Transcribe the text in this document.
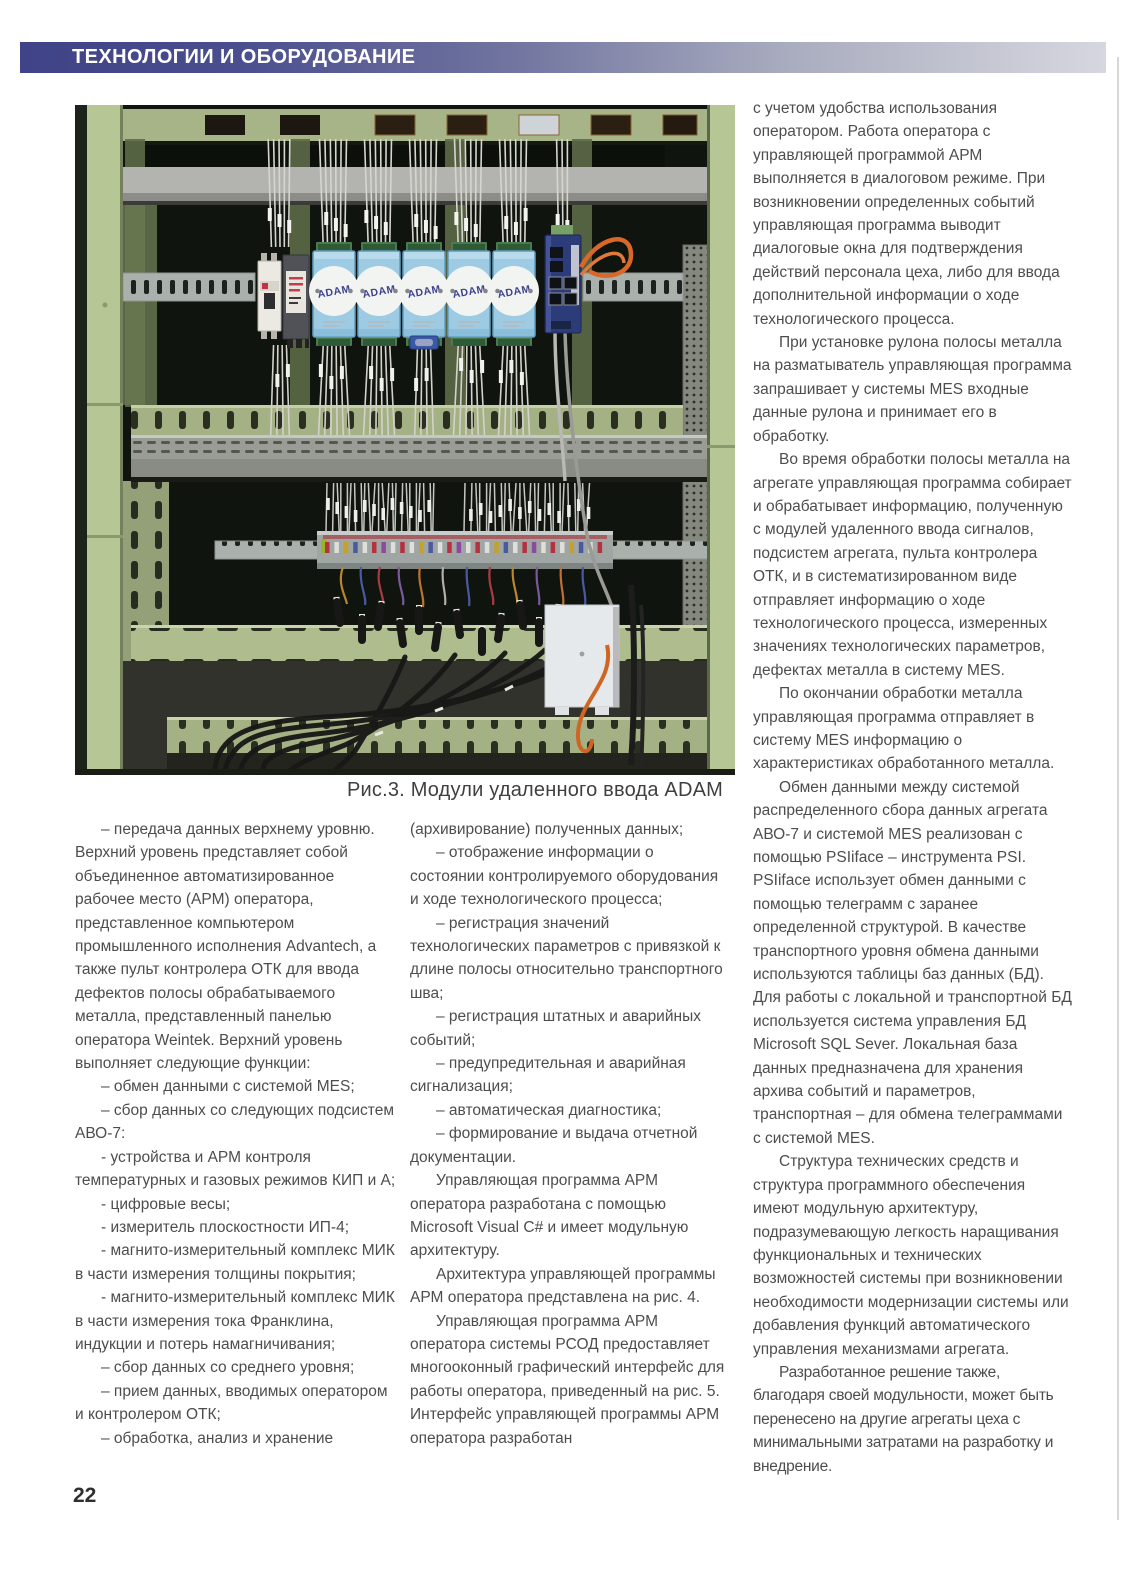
ТЕХНОЛОГИИ И ОБОРУДОВАНИЕ
Рис.3. Модули удаленного ввода ADAM

– передача данных верхнему уровню. Верхний уровень представляет собой объединенное автоматизированное рабочее место (АРМ) оператора, представленное компьютером промышленного исполнения Advantech, а также пульт контролера ОТК для ввода дефектов полосы обрабатываемого металла, представленный панелью оператора Weintek. Верхний уровень выполняет следующие функции:

– обмен данными с системой MES;

– сбор данных со следующих подсистем АВО-7:

- устройства и АРМ контроля температурных и газовых режимов КИП и А;

- цифровые весы;

- измеритель плоскостности ИП-4;

- магнито-измерительный комплекс МИК в части измерения толщины покрытия;

- магнито-измерительный комплекс МИК в части измерения тока Франклина, индукции и потерь намагничивания;

– сбор данных со среднего уровня;

– прием данных, вводимых оператором и контролером ОТК;

– обработка, анализ и хранение

(архивирование) полученных данных;

– отображение информации о состоянии контролируемого оборудования и ходе технологического процесса;

– регистрация значений технологических параметров с привязкой к длине полосы относительно транспортного шва;

– регистрация штатных и аварийных событий;

– предупредительная и аварийная сигнализация;

– автоматическая диагностика;

– формирование и выдача отчетной документации.

Управляющая программа АРМ оператора разработана с помощью Microsoft Visual C# и имеет модульную архитектуру.

Архитектура управляющей программы АРМ оператора представлена на рис. 4.

Управляющая программа АРМ оператора системы РСОД предоставляет многооконный графический интерфейс для работы оператора, приведенный на рис. 5. Интерфейс управляющей программы АРМ оператора разработан

с учетом удобства использования оператором. Работа оператора с управляющей программой АРМ выполняется в диалоговом режиме. При возникновении определенных событий управляющая программа выводит диалоговые окна для подтверждения действий персонала цеха, либо для ввода дополнительной информации о ходе технологического процесса.

При установке рулона полосы металла на разматыватель управляющая программа запрашивает у системы MES входные данные рулона и принимает его в обработку.

Во время обработки полосы металла на агрегате управляющая программа собирает и обрабатывает информацию, полученную с модулей удаленного ввода сигналов, подсистем агрегата, пульта контролера ОТК, и в систематизированном виде отправляет информацию о ходе технологического процесса, измеренных значениях технологических параметров, дефектах металла в систему MES.

По окончании обработки металла управляющая программа отправляет в систему MES информацию о характеристиках обработанного металла.

Обмен данными между системой распределенного сбора данных агрегата АВО-7 и системой MES реализован с помощью PSIiface – инструмента PSI. PSIiface использует обмен данными с помощью телеграмм с заранее определенной структурой. В качестве транспортного уровня обмена данными используются таблицы баз данных (БД). Для работы с локальной и транспортной БД используется система управления БД Microsoft SQL Sever. Локальная база данных предназначена для хранения архива событий и параметров, транспортная – для обмена телеграммами с системой MES.

Структура технических средств и структура программного обеспечения имеют модульную архитектуру, подразумевающую легкость наращивания функциональных и технических возможностей системы при возникновении необходимости модернизации системы или добавления функций автоматического управления механизмами агрегата.

Разработанное решение также, благодаря своей модульности, может быть перенесено на другие агрегаты цеха с минимальными затратами на разработку и внедрение.

22
